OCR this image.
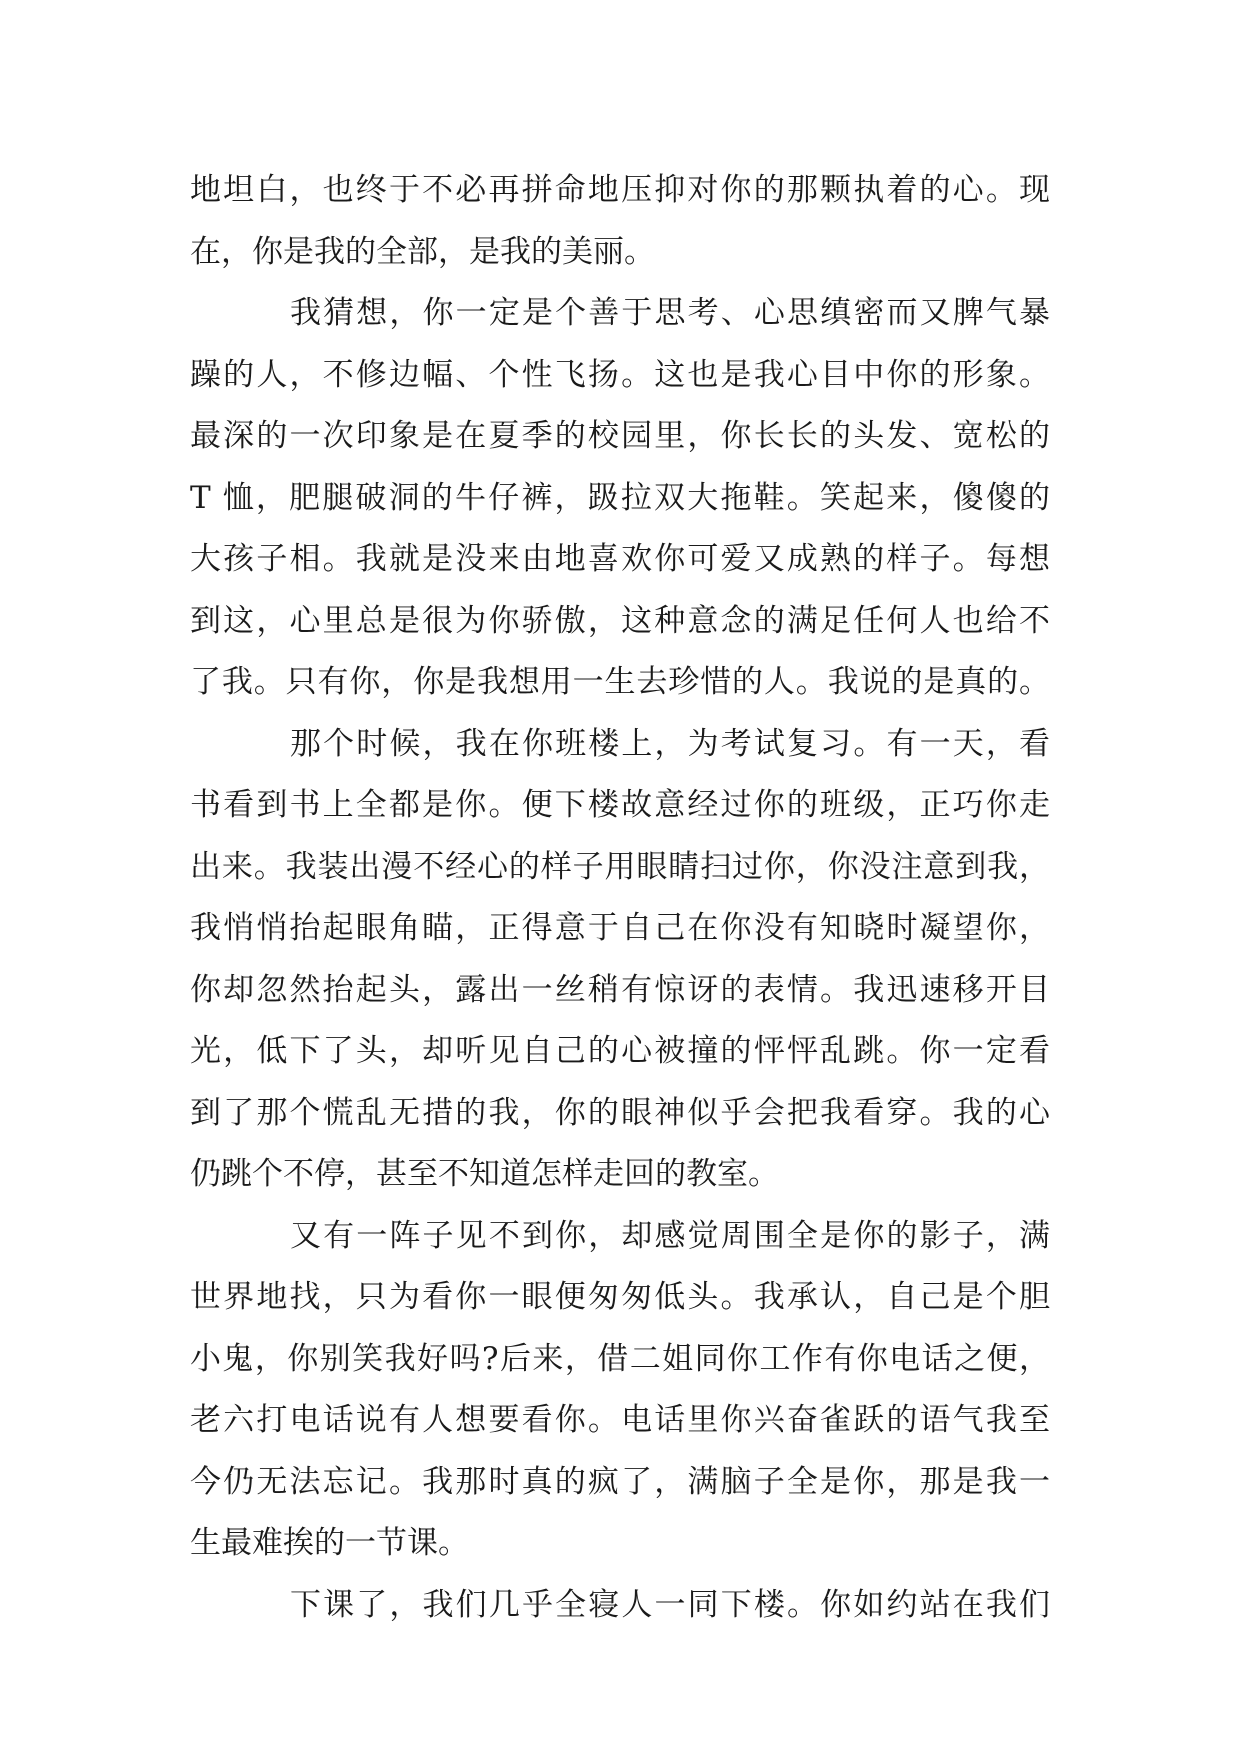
地坦白，也终于不必再拼命地压抑对你的那颗执着的心。现
在，你是我的全部，是我的美丽。
我猜想，你一定是个善于思考、心思缜密而又脾气暴
躁的人，不修边幅、个性飞扬。这也是我心目中你的形象。
最深的一次印象是在夏季的校园里，你长长的头发、宽松的
T 恤，肥腿破洞的牛仔裤，趿拉双大拖鞋。笑起来，傻傻的
大孩子相。我就是没来由地喜欢你可爱又成熟的样子。每想
到这，心里总是很为你骄傲，这种意念的满足任何人也给不
了我。只有你，你是我想用一生去珍惜的人。我说的是真的。
那个时候，我在你班楼上，为考试复习。有一天，看
书看到书上全都是你。便下楼故意经过你的班级，正巧你走
出来。我装出漫不经心的样子用眼睛扫过你，你没注意到我，
我悄悄抬起眼角瞄，正得意于自己在你没有知晓时凝望你，
你却忽然抬起头，露出一丝稍有惊讶的表情。我迅速移开目
光，低下了头，却听见自己的心被撞的怦怦乱跳。你一定看
到了那个慌乱无措的我，你的眼神似乎会把我看穿。我的心
仍跳个不停，甚至不知道怎样走回的教室。
又有一阵子见不到你，却感觉周围全是你的影子，满
世界地找，只为看你一眼便匆匆低头。我承认，自己是个胆
小鬼，你别笑我好吗?后来，借二姐同你工作有你电话之便，
老六打电话说有人想要看你。电话里你兴奋雀跃的语气我至
今仍无法忘记。我那时真的疯了，满脑子全是你，那是我一
生最难挨的一节课。
下课了，我们几乎全寝人一同下楼。你如约站在我们
